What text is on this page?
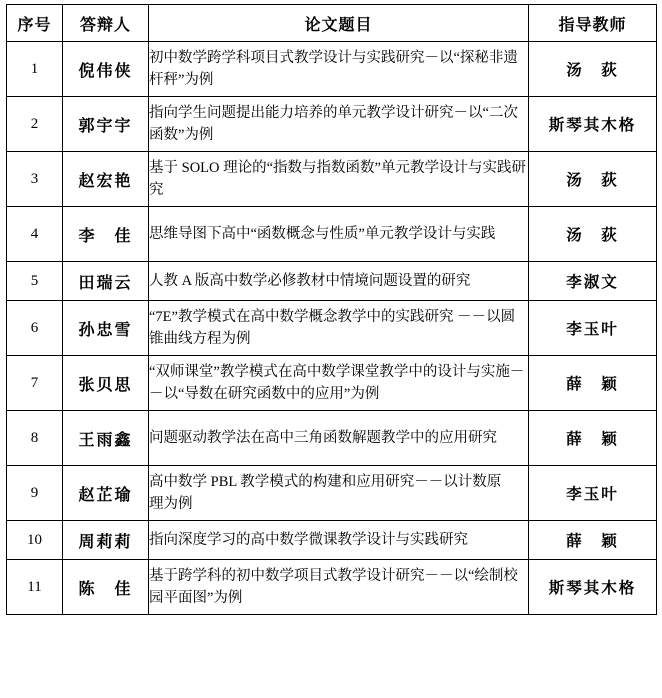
序号	答辩人	论文题目	指导教师
1	倪伟侠	初中数学跨学科项目式教学设计与实践研究－以“探秘非遗杆秤”为例	汤　荻
2	郭宇宇	指向学生问题提出能力培养的单元教学设计研究－以“二次函数”为例	斯琴其木格
3	赵宏艳	基于 SOLO 理论的“指数与指数函数”单元教学设计与实践研究	汤　荻
4	李　佳	思维导图下高中“函数概念与性质”单元教学设计与实践	汤　荻
5	田瑞云	人教 A 版高中数学必修教材中情境问题设置的研究	李淑文
6	孙忠雪	“7E”教学模式在高中数学概念教学中的实践研究 －－以圆锥曲线方程为例	李玉叶
7	张贝思	“双师课堂”教学模式在高中数学课堂教学中的设计与实施－－以“导数在研究函数中的应用”为例	薛　颖
8	王雨鑫	问题驱动教学法在高中三角函数解题教学中的应用研究	薛　颖
9	赵芷瑜	高中数学 PBL 教学模式的构建和应用研究－－以计数原　理为例	李玉叶
10	周莉莉	指向深度学习的高中数学微课教学设计与实践研究	薛　颖
11	陈　佳	基于跨学科的初中数学项目式教学设计研究－－以“绘制校园平面图”为例	斯琴其木格
